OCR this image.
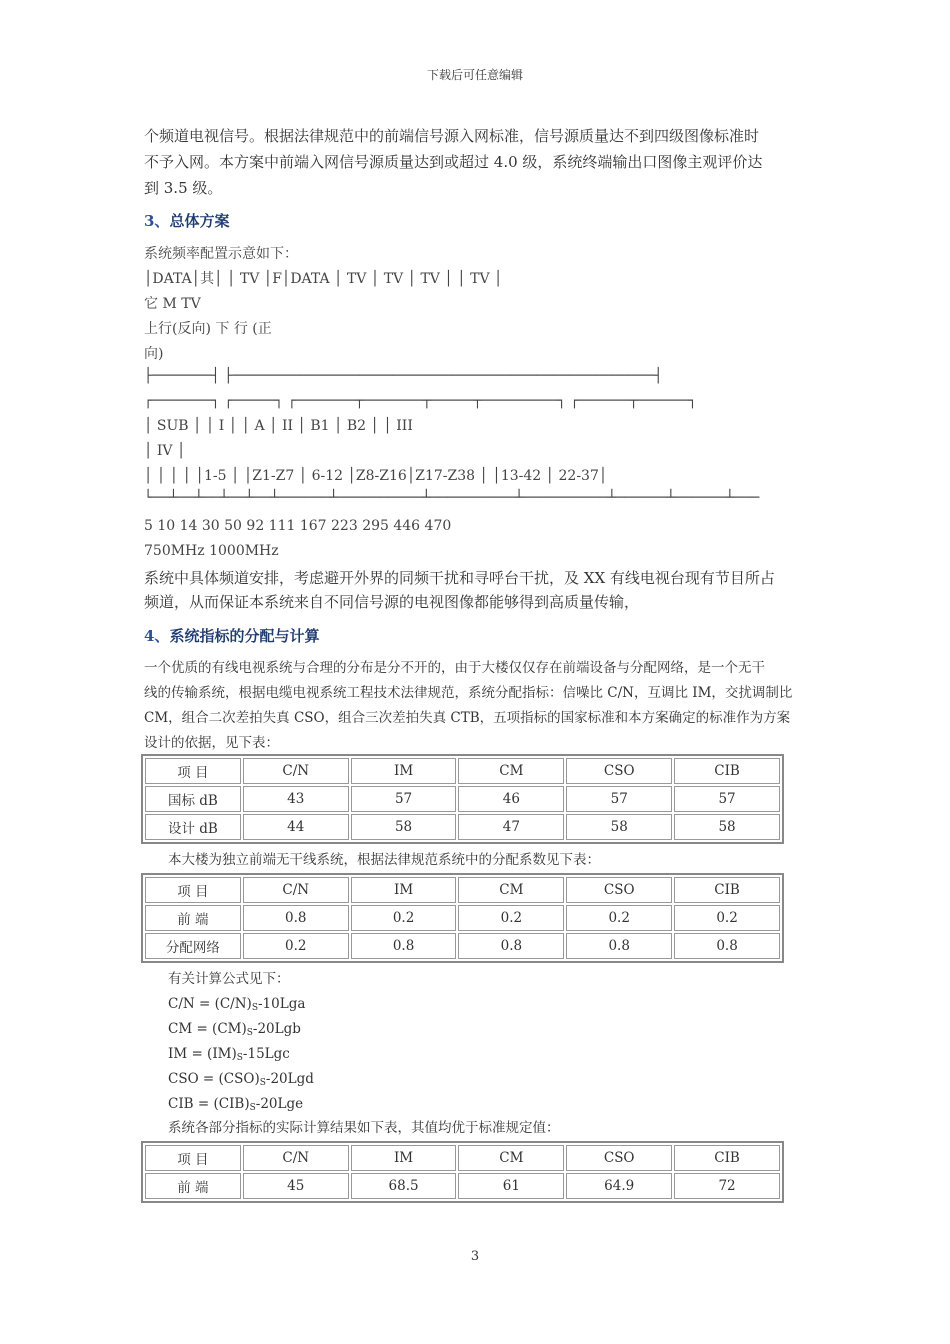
下载后可任意编辑
个频道电视信号。根据法律规范中的前端信号源入网标准，信号源质量达不到四级图像标准时
不予入网。本方案中前端入网信号源质量达到或超过 4.0 级，系统终端输出口图像主观评价达
到 3.5 级。
3、总体方案
系统频率配置示意如下：
│DATA│其│ │ TV │F│DATA │ TV │ TV │ TV │ │ TV │
它 M TV
上行(反向) 下 行 (正
向)
├───────┤ ├──────────────────────────────────────────────────┤
┌───────┐ ┌─────┐ ┌───────┬───────┬─────┬─────────┐ ┌──────┬──────┐
│ SUB │ │ I │ │ A │ II │ B1 │ B2 │ │ III
│ IV │
│ │ │ │ │1-5 │ │Z1-Z7 │ 6-12 │Z8-Z16│Z17-Z38 │ │13-42 │ 22-37│
└──┴──┴──┴──┴──┴──────┴──────────┴──────────┴──────────┴──────┴──────┴───
5 10 14 30 50 92 111 167 223 295 446 470
750MHz 1000MHz
系统中具体频道安排，考虑避开外界的同频干扰和寻呼台干扰，及 XX 有线电视台现有节目所占
频道，从而保证本系统来自不同信号源的电视图像都能够得到高质量传输，
4、系统指标的分配与计算
一个优质的有线电视系统与合理的分布是分不开的，由于大楼仅仅存在前端设备与分配网络，是一个无干
线的传输系统，根据电缆电视系统工程技术法律规范，系统分配指标：信噪比 C/N，互调比 IM，交扰调制比
CM，组合二次差拍失真 CSO，组合三次差拍失真 CTB，五项指标的国家标准和本方案确定的标准作为方案
设计的依据，见下表：
项 目	C/N	IM	CM	CSO	CIB
国标 dB	43	57	46	57	57
设计 dB	44	58	47	58	58
本大楼为独立前端无干线系统，根据法律规范系统中的分配系数见下表：
项 目	C/N	IM	CM	CSO	CIB
前 端	0.8	0.2	0.2	0.2	0.2
分配网络	0.2	0.8	0.8	0.8	0.8
有关计算公式见下：
$C/N = (C/N)_S-10Lga$
CM = $(CM)_S-20Lgb$
IM = $(IM)_S-15Lgc$
CSO = $(CSO)_S-20Lgd$
CIB = $(CIB)_S-20Lge$
系统各部分指标的实际计算结果如下表，其值均优于标准规定值：
项 目	C/N	IM	CM	CSO	CIB
前 端	45	68.5	61	64.9	72
3
